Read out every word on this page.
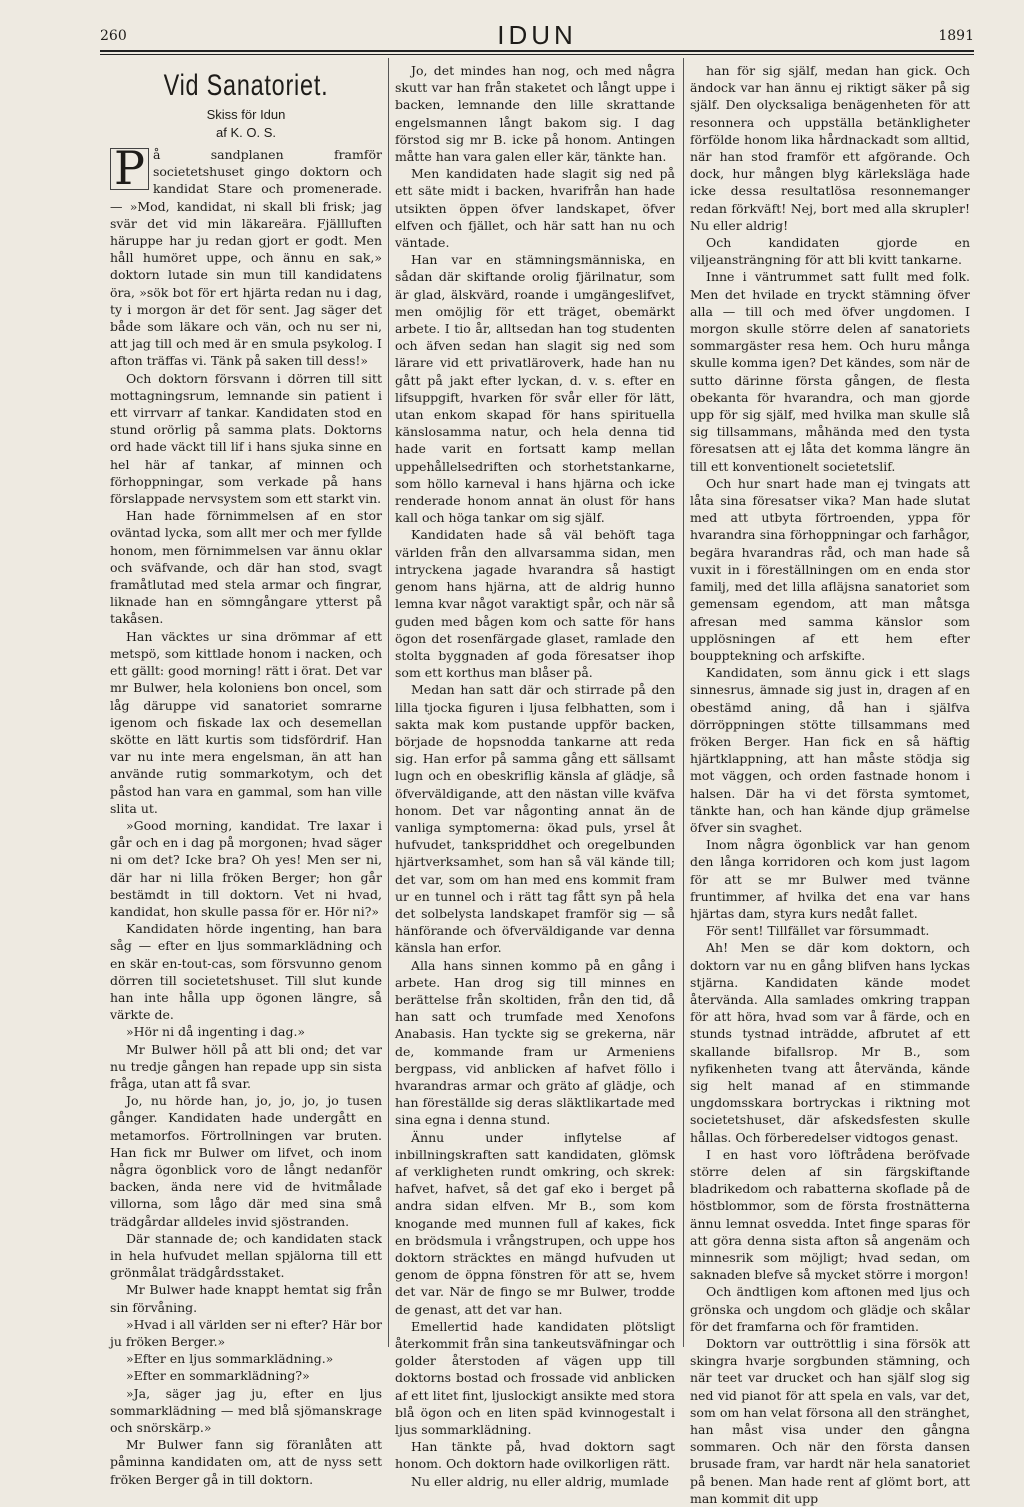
260	IDUN	1891
Vid Sanatoriet.
Skiss för Idun
af K. O. S.

P å sandplanen framför societetshuset gingo doktorn och kandidat Stare och promenerade. — »Mod, kandidat, ni skall bli frisk; jag svär det vid min läkareära. Fjällluften häruppe har ju redan gjort er godt. Men håll humöret uppe, och ännu en sak,» doktorn lutade sin mun till kandidatens öra, »sök bot för ert hjärta redan nu i dag, ty i morgon är det för sent. Jag säger det både som läkare och vän, och nu ser ni, att jag till och med är en smula psykolog. I afton träffas vi. Tänk på saken till dess!»

Och doktorn försvann i dörren till sitt mottagningsrum, lemnande sin patient i ett virrvarr af tankar. Kandidaten stod en stund orörlig på samma plats. Doktorns ord hade väckt till lif i hans sjuka sinne en hel här af tankar, af minnen och förhoppningar, som verkade på hans förslappade nervsystem som ett starkt vin.

Han hade förnimmelsen af en stor oväntad lycka, som allt mer och mer fyllde honom, men förnimmelsen var ännu oklar och sväfvande, och där han stod, svagt framåtlutad med stela armar och fingrar, liknade han en sömngångare ytterst på takåsen.

Han väcktes ur sina drömmar af ett metspö, som kittlade honom i nacken, och ett gällt: good morning! rätt i örat. Det var mr Bulwer, hela koloniens bon oncel, som låg däruppe vid sanatoriet somrarne igenom och fiskade lax och desemellan skötte en lätt kurtis som tidsfördrif. Han var nu inte mera engelsman, än att han använde rutig sommarkotym, och det påstod han vara en gammal, som han ville slita ut.

»Good morning, kandidat. Tre laxar i går och en i dag på morgonen; hvad säger ni om det? Icke bra? Oh yes! Men ser ni, där har ni lilla fröken Berger; hon går bestämdt in till doktorn. Vet ni hvad, kandidat, hon skulle passa för er. Hör ni?»

Kandidaten hörde ingenting, han bara såg — efter en ljus sommarklädning och en skär en-tout-cas, som försvunno genom dörren till societetshuset. Till slut kunde han inte hålla upp ögonen längre, så värkte de.

»Hör ni då ingenting i dag.»

Mr Bulwer höll på att bli ond; det var nu tredje gången han repade upp sin sista fråga, utan att få svar.

Jo, nu hörde han, jo, jo, jo, jo tusen gånger. Kandidaten hade undergått en metamorfos. Förtrollningen var bruten. Han fick mr Bulwer om lifvet, och inom några ögonblick voro de långt nedanför backen, ända nere vid de hvitmålade villorna, som lågo där med sina små trädgårdar alldeles invid sjöstranden.

Där stannade de; och kandidaten stack in hela hufvudet mellan spjälorna till ett grönmålat trädgårdsstaket.

Mr Bulwer hade knappt hemtat sig från sin förvåning.

»Hvad i all världen ser ni efter? Här bor ju fröken Berger.»

»Efter en ljus sommarklädning.»

»Efter en sommarklädning?»

»Ja, säger jag ju, efter en ljus sommarklädning — med blå sjömanskrage och snörskärp.»

Mr Bulwer fann sig föranlåten att påminna kandidaten om, att de nyss sett fröken Berger gå in till doktorn.

Jo, det mindes han nog, och med några skutt var han från staketet och långt uppe i backen, lemnande den lille skrattande engelsmannen långt bakom sig. I dag förstod sig mr B. icke på honom. Antingen måtte han vara galen eller kär, tänkte han.

Men kandidaten hade slagit sig ned på ett säte midt i backen, hvarifrån han hade utsikten öppen öfver landskapet, öfver elfven och fjället, och här satt han nu och väntade.

Han var en stämningsmänniska, en sådan där skiftande orolig fjärilnatur, som är glad, älskvärd, roande i umgängeslifvet, men omöjlig för ett träget, obemärkt arbete. I tio år, alltsedan han tog studenten och äfven sedan han slagit sig ned som lärare vid ett privatläroverk, hade han nu gått på jakt efter lyckan, d. v. s. efter en lifsuppgift, hvarken för svår eller för lätt, utan enkom skapad för hans spirituella känslosamma natur, och hela denna tid hade varit en fortsatt kamp mellan uppehållelsedriften och storhetstankarne, som höllo karneval i hans hjärna och icke renderade honom annat än olust för hans kall och höga tankar om sig själf.

Kandidaten hade så väl behöft taga världen från den allvarsamma sidan, men intryckena jagade hvarandra så hastigt genom hans hjärna, att de aldrig hunno lemna kvar något varaktigt spår, och när så guden med bågen kom och satte för hans ögon det rosenfärgade glaset, ramlade den stolta byggnaden af goda föresatser ihop som ett korthus man blåser på.

Medan han satt där och stirrade på den lilla tjocka figuren i ljusa felbhatten, som i sakta mak kom pustande uppför backen, började de hopsnodda tankarne att reda sig. Han erfor på samma gång ett sällsamt lugn och en obeskriflig känsla af glädje, så öfverväldigande, att den nästan ville kväfva honom. Det var någonting annat än de vanliga symptomerna: ökad puls, yrsel åt hufvudet, tankspriddhet och oregelbunden hjärtverksamhet, som han så väl kände till; det var, som om han med ens kommit fram ur en tunnel och i rätt tag fått syn på hela det solbelysta landskapet framför sig — så hänförande och öfverväldigande var denna känsla han erfor.

Alla hans sinnen kommo på en gång i arbete. Han drog sig till minnes en berättelse från skoltiden, från den tid, då han satt och trumfade med Xenofons Anabasis. Han tyckte sig se grekerna, när de, kommande fram ur Armeniens bergpass, vid anblicken af hafvet föllo i hvarandras armar och gräto af glädje, och han föreställde sig deras släktlikartade med sina egna i denna stund.

Ännu under inflytelse af inbillningskraften satt kandidaten, glömsk af verkligheten rundt omkring, och skrek: hafvet, hafvet, så det gaf eko i berget på andra sidan elfven. Mr B., som kom knogande med munnen full af kakes, fick en brödsmula i vrångstrupen, och uppe hos doktorn sträcktes en mängd hufvuden ut genom de öppna fönstren för att se, hvem det var. När de fingo se mr Bulwer, trodde de genast, att det var han.

Emellertid hade kandidaten plötsligt återkommit från sina tankeutsväfningar och golder återstoden af vägen upp till doktorns bostad och frossade vid anblicken af ett litet fint, ljuslockigt ansikte med stora blå ögon och en liten späd kvinnogestalt i ljus sommarklädning.

Han tänkte på, hvad doktorn sagt honom. Och doktorn hade ovilkorligen rätt.

Nu eller aldrig, nu eller aldrig, mumlade

han för sig själf, medan han gick. Och ändock var han ännu ej riktigt säker på sig själf. Den olycksaliga benägenheten för att resonnera och uppställa betänkligheter förfölde honom lika hårdnackadt som alltid, när han stod framför ett afgörande. Och dock, hur mången blyg kärleksläga hade icke dessa resultatlösa resonnemanger redan förkväft! Nej, bort med alla skrupler! Nu eller aldrig!

Och kandidaten gjorde en viljeansträngning för att bli kvitt tankarne.

Inne i väntrummet satt fullt med folk. Men det hvilade en tryckt stämning öfver alla — till och med öfver ungdomen. I morgon skulle större delen af sanatoriets sommargäster resa hem. Och huru många skulle komma igen? Det kändes, som när de sutto därinne första gången, de flesta obekanta för hvarandra, och man gjorde upp för sig själf, med hvilka man skulle slå sig tillsammans, måhända med den tysta föresatsen att ej låta det komma längre än till ett konventionelt societetslif.

Och hur snart hade man ej tvingats att låta sina föresatser vika? Man hade slutat med att utbyta förtroenden, yppa för hvarandra sina förhoppningar och farhågor, begära hvarandras råd, och man hade så vuxit in i föreställningen om en enda stor familj, med det lilla afläjsna sanatoriet som gemensam egendom, att man måtsga afresan med samma känslor som upplösningen af ett hem efter boupptekning och arfskifte.

Kandidaten, som ännu gick i ett slags sinnesrus, ämnade sig just in, dragen af en obestämd aning, då han i själfva dörröppningen stötte tillsammans med fröken Berger. Han fick en så häftig hjärtklappning, att han måste stödja sig mot väggen, och orden fastnade honom i halsen. Där ha vi det första symtomet, tänkte han, och han kände djup grämelse öfver sin svaghet.

Inom några ögonblick var han genom den långa korridoren och kom just lagom för att se mr Bulwer med tvänne fruntimmer, af hvilka det ena var hans hjärtas dam, styra kurs nedåt fallet.

För sent! Tillfället var försummadt.

Ah! Men se där kom doktorn, och doktorn var nu en gång blifven hans lyckas stjärna. Kandidaten kände modet återvända. Alla samlades omkring trappan för att höra, hvad som var å färde, och en stunds tystnad inträdde, afbrutet af ett skallande bifallsrop. Mr B., som nyfikenheten tvang att återvända, kände sig helt manad af en stimmande ungdomsskara bortryckas i riktning mot societetshuset, där afskedsfesten skulle hållas. Och förberedelser vidtogos genast.

I en hast voro löftrådena beröfvade större delen af sin färgskiftande bladrikedom och rabatterna skoflade på de höstblommor, som de första frostnätterna ännu lemnat osvedda. Intet finge sparas för att göra denna sista afton så angenäm och minnesrik som möjligt; hvad sedan, om saknaden blefve så mycket större i morgon!

Och ändtligen kom aftonen med ljus och grönska och ungdom och glädje och skålar för det framfarna och för framtiden.

Doktorn var outtröttlig i sina försök att skingra hvarje sorgbunden stämning, och när teet var drucket och han själf slog sig ned vid pianot för att spela en vals, var det, som om han velat försona all den stränghet, han måst visa under den gångna sommaren. Och när den första dansen brusade fram, var hardt när hela sanatoriet på benen. Man hade rent af glömt bort, att man kommit dit upp
